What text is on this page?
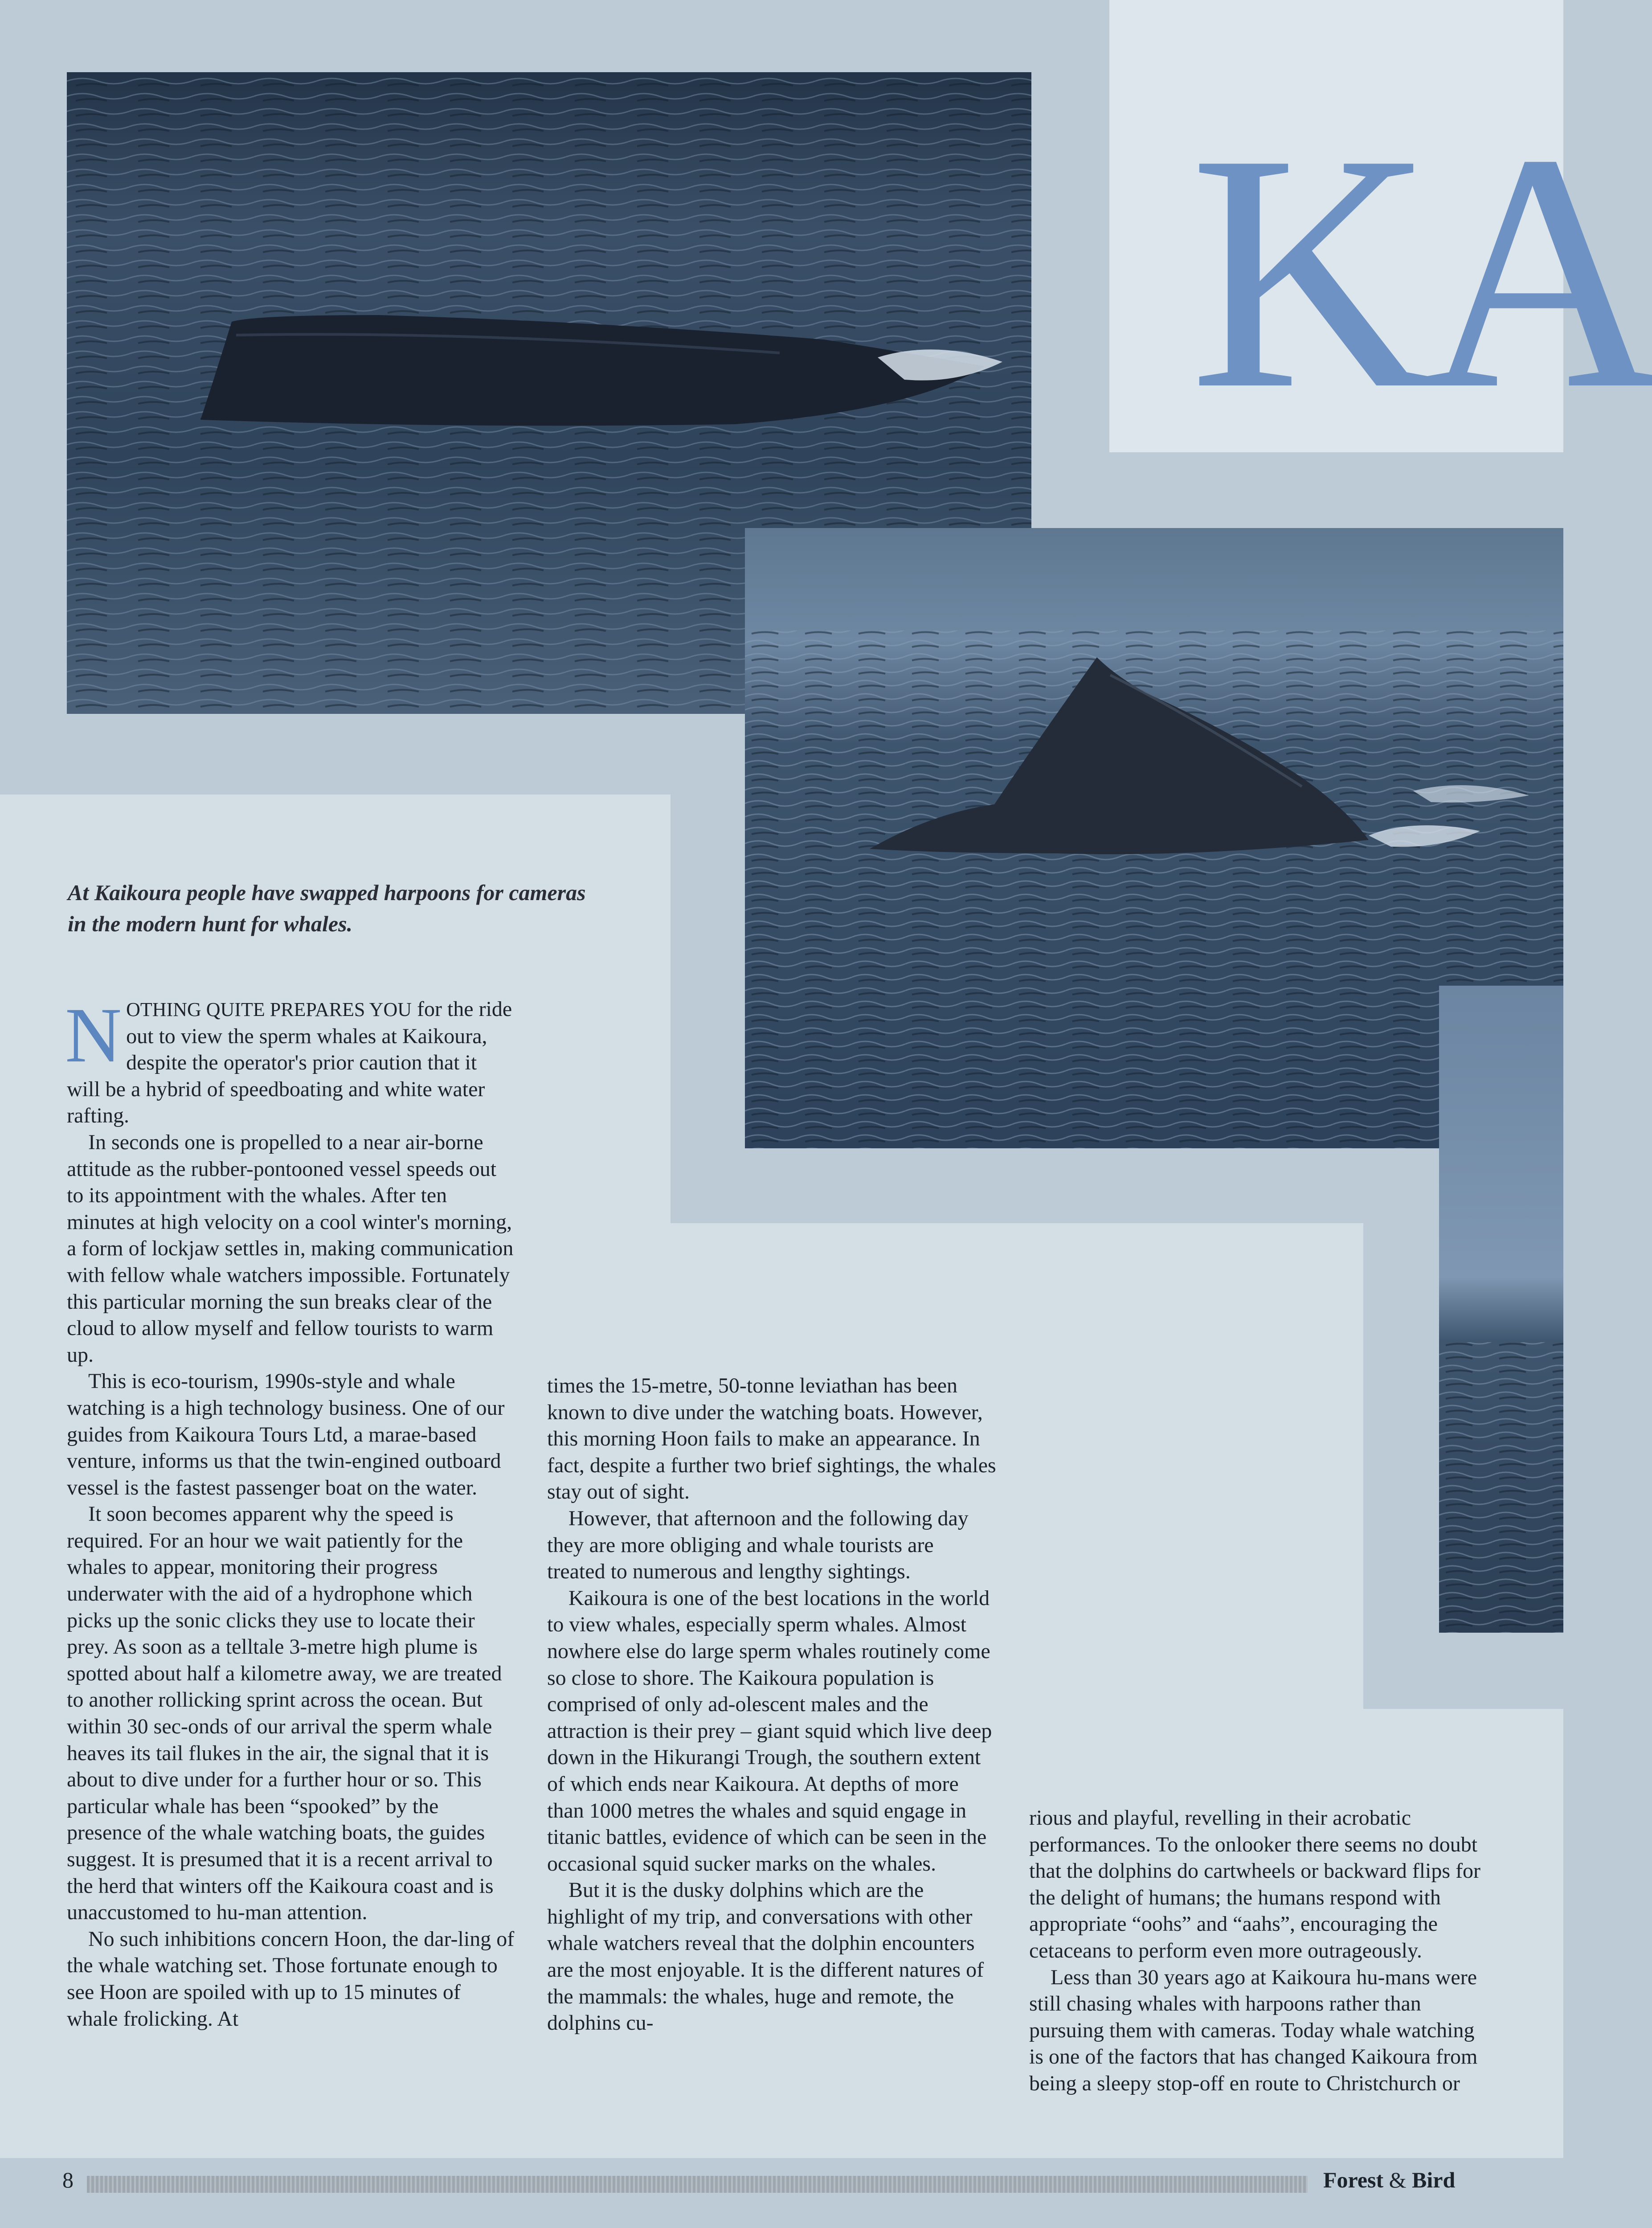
KA
At Kaikoura people have swapped harpoons for cameras in the modern hunt for whales.

NOTHING QUITE PREPARES YOU for the ride out to view the sperm whales at Kaikoura, despite the operator's prior caution that it will be a hybrid of speedboating and white water rafting.

In seconds one is propelled to a near air-borne attitude as the rubber-pontooned vessel speeds out to its appointment with the whales. After ten minutes at high velocity on a cool winter's morning, a form of lockjaw settles in, making communication with fellow whale watchers impossible. Fortunately this particular morning the sun breaks clear of the cloud to allow myself and fellow tourists to warm up.

This is eco-tourism, 1990s-style and whale watching is a high technology business. One of our guides from Kaikoura Tours Ltd, a marae-based venture, informs us that the twin-engined outboard vessel is the fastest passenger boat on the water.

It soon becomes apparent why the speed is required. For an hour we wait patiently for the whales to appear, monitoring their progress underwater with the aid of a hydrophone which picks up the sonic clicks they use to locate their prey. As soon as a telltale 3-metre high plume is spotted about half a kilometre away, we are treated to another rollicking sprint across the ocean. But within 30 sec-onds of our arrival the sperm whale heaves its tail flukes in the air, the signal that it is about to dive under for a further hour or so. This particular whale has been “spooked” by the presence of the whale watching boats, the guides suggest. It is presumed that it is a recent arrival to the herd that winters off the Kaikoura coast and is unaccustomed to hu-man attention.

No such inhibitions concern Hoon, the dar-ling of the whale watching set. Those fortunate enough to see Hoon are spoiled with up to 15 minutes of whale frolicking. At

times the 15-metre, 50-tonne leviathan has been known to dive under the watching boats. However, this morning Hoon fails to make an appearance. In fact, despite a further two brief sightings, the whales stay out of sight.

However, that afternoon and the following day they are more obliging and whale tourists are treated to numerous and lengthy sightings.

Kaikoura is one of the best locations in the world to view whales, especially sperm whales. Almost nowhere else do large sperm whales routinely come so close to shore. The Kaikoura population is comprised of only ad-olescent males and the attraction is their prey – giant squid which live deep down in the Hikurangi Trough, the southern extent of which ends near Kaikoura. At depths of more than 1000 metres the whales and squid engage in titanic battles, evidence of which can be seen in the occasional squid sucker marks on the whales.

But it is the dusky dolphins which are the highlight of my trip, and conversations with other whale watchers reveal that the dolphin encounters are the most enjoyable. It is the different natures of the mammals: the whales, huge and remote, the dolphins cu-

rious and playful, revelling in their acrobatic performances. To the onlooker there seems no doubt that the dolphins do cartwheels or backward flips for the delight of humans; the humans respond with appropriate “oohs” and “aahs”, encouraging the cetaceans to perform even more outrageously.

Less than 30 years ago at Kaikoura hu-mans were still chasing whales with harpoons rather than pursuing them with cameras. Today whale watching is one of the factors that has changed Kaikoura from being a sleepy stop-off en route to Christchurch or

8	Forest & Bird
